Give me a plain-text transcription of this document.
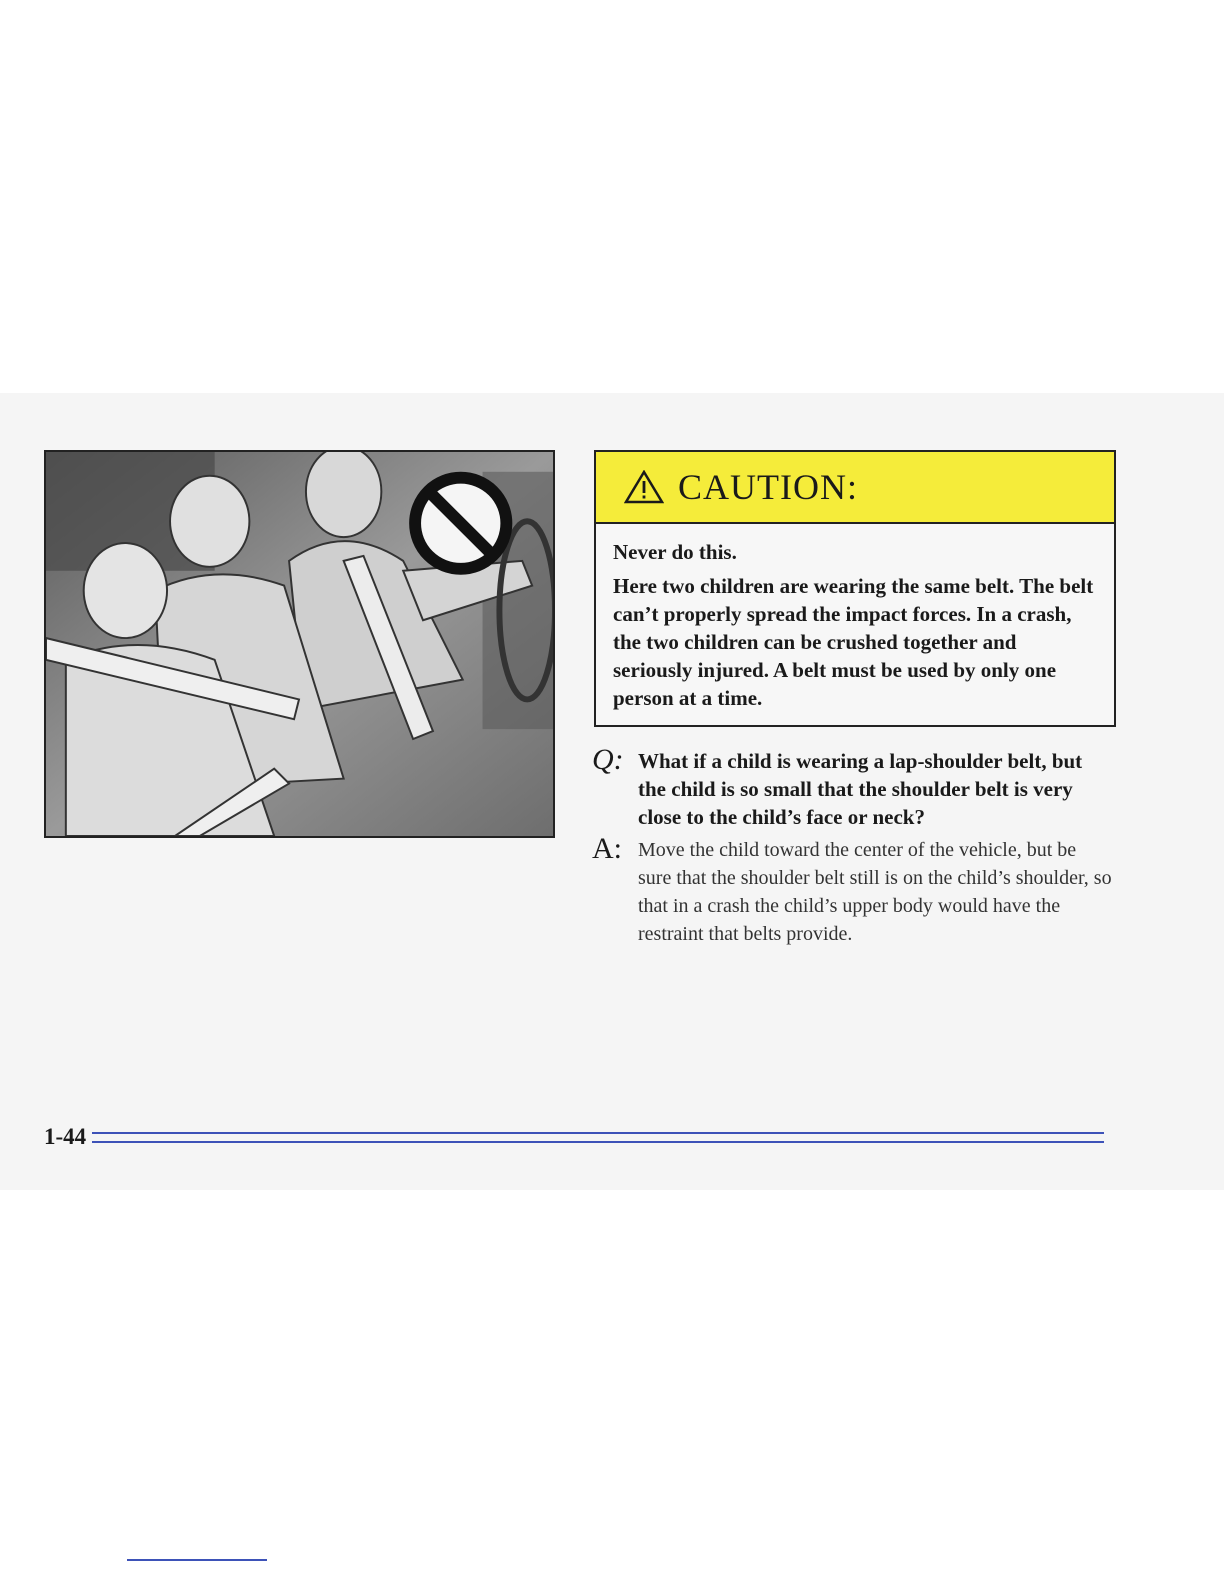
CAUTION:

Never do this.

Here two children are wearing the same belt. The belt can’t properly spread the impact forces. In a crash, the two children can be crushed together and seriously injured. A belt must be used by only one person at a time.

Q: What if a child is wearing a lap-shoulder belt, but the child is so small that the shoulder belt is very close to the child’s face or neck?
A: Move the child toward the center of the vehicle, but be sure that the shoulder belt still is on the child’s shoulder, so that in a crash the child’s upper body would have the restraint that belts provide.
1-44
